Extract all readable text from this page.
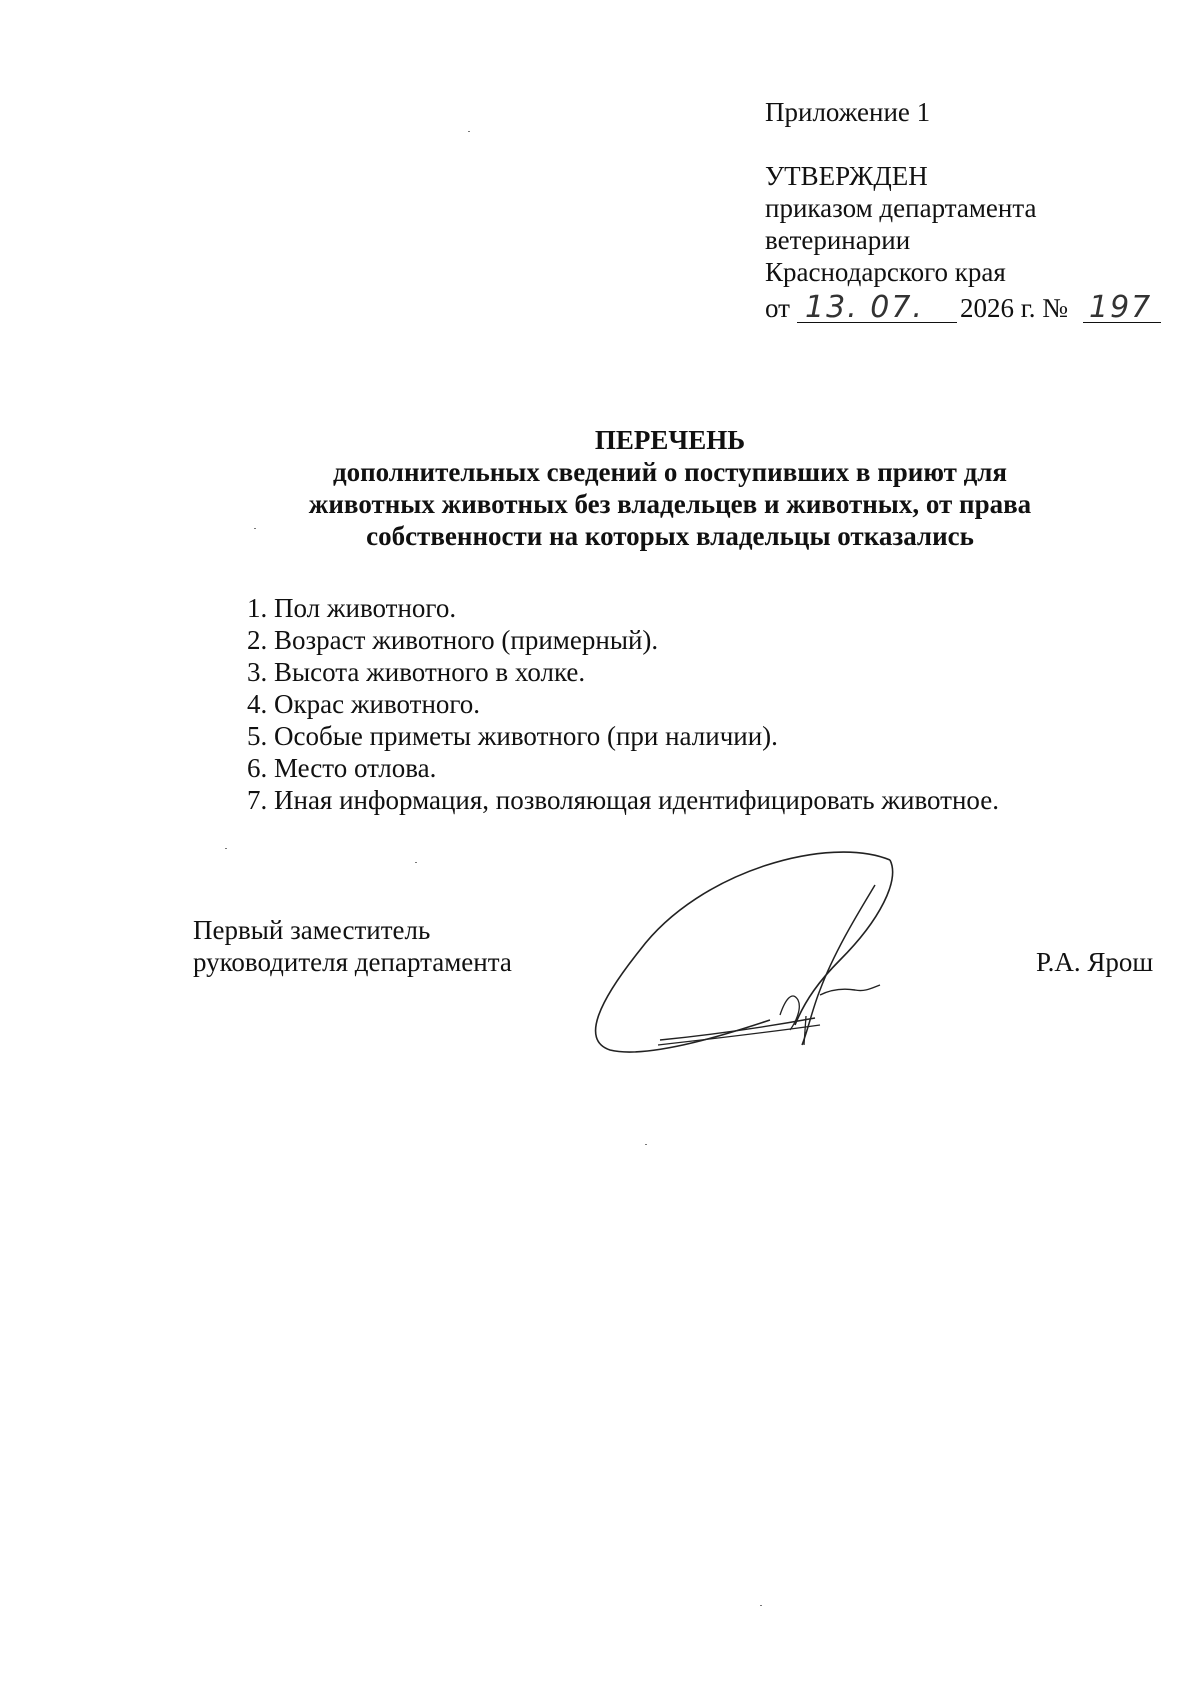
Приложение 1
УТВЕРЖДЕН
приказом департамента
ветеринарии
Краснодарского края
от 13. 07. 2026 г. № 197
ПЕРЕЧЕНЬ
дополнительных сведений о поступивших в приют для
животных животных без владельцев и животных, от права
собственности на которых владельцы отказались
1. Пол животного.
2. Возраст животного (примерный).
3. Высота животного в холке.
4. Окрас животного.
5. Особые приметы животного (при наличии).
6. Место отлова.
7. Иная информация, позволяющая идентифицировать животное.
Первый заместитель
руководителя департамента	Р.А. Ярош
